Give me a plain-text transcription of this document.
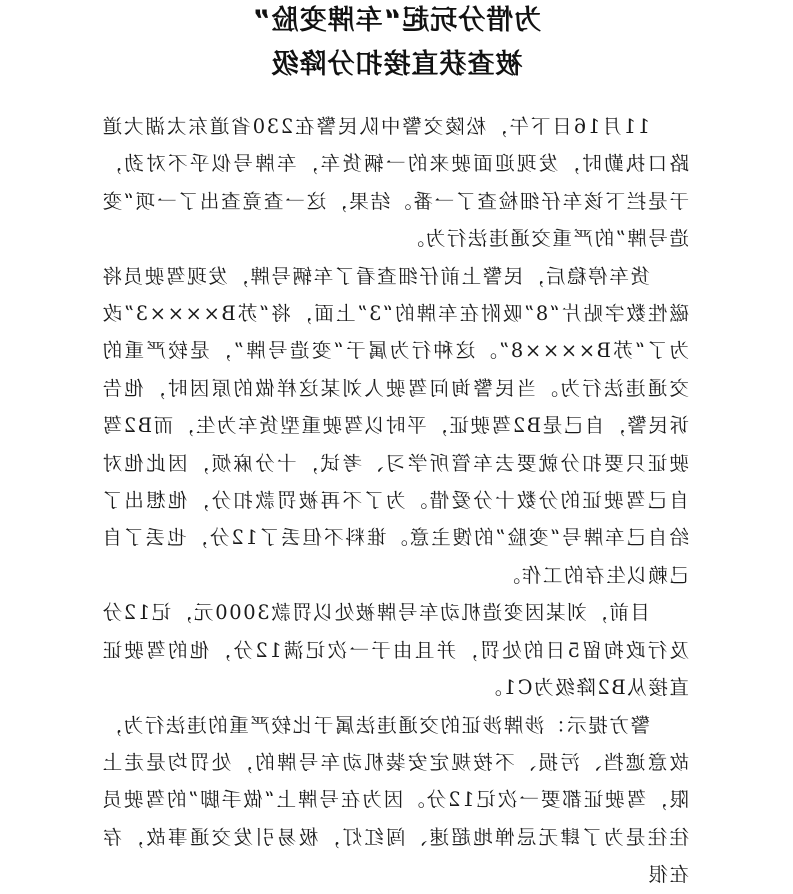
为惜分玩起“车牌变脸”
被查获直接扣分降级

11月16日下午，松陵交警中队民警在230省道东太湖大道路口执勤时，发现迎面驶来的一辆货车，车牌号似乎不对劲，于是拦下该车仔细检查了一番。结果，这一查竟查出了一项“变造号牌”的严重交通违法行为。

货车停稳后，民警上前仔细查看了车辆号牌，发现驾驶员将磁性数字贴片“8”吸附在车牌的“3”上面，将“苏B××××3”改为了“苏B××××8”。这种行为属于“变造号牌”，是较严重的交通违法行为。当民警询问驾驶人刘某这样做的原因时，他告诉民警，自己是B2驾驶证，平时以驾驶重型货车为生，而B2驾驶证只要扣分就要去车管所学习、考试，十分麻烦，因此他对自己驾驶证的分数十分爱惜。为了不再被罚款扣分，他想出了给自己车牌号“变脸”的馊主意。谁料不但丢了12分，也丢了自己赖以生存的工作。

目前，刘某因变造机动车号牌被处以罚款3000元，记12分及行政拘留5日的处罚，并且由于一次记满12分，他的驾驶证直接从B2降级为C1。

警方提示：涉牌涉证的交通违法属于比较严重的违法行为，故意遮挡、污损、不按规定安装机动车号牌的，处罚均是走上限，驾驶证都要一次记12分。因为在号牌上“做手脚”的驾驶员往往是为了肆无忌惮地超速、闯红灯，极易引发交通事故，存在很
